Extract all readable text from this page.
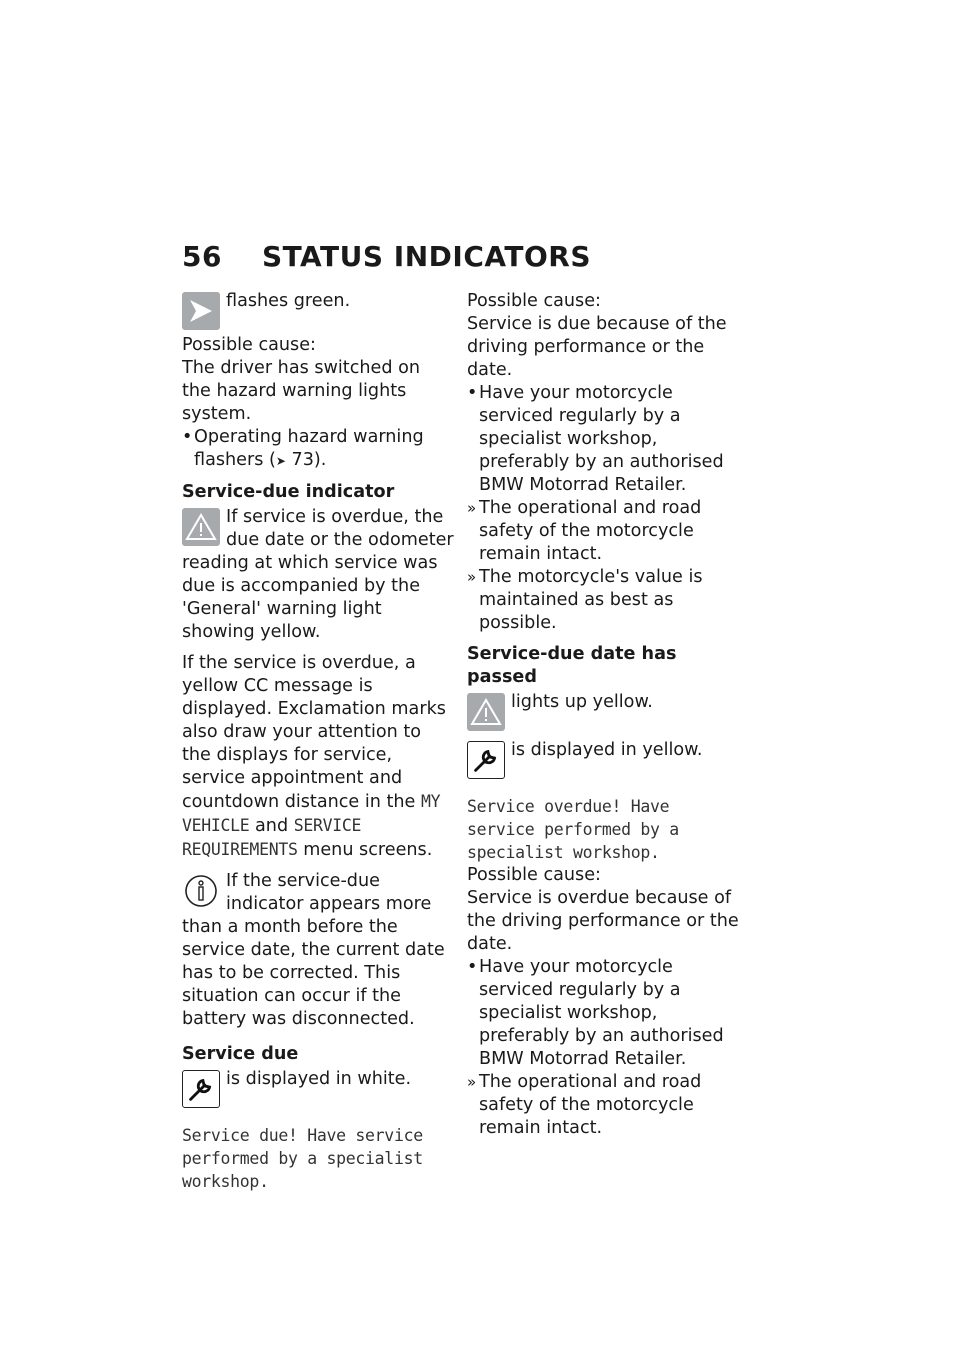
56 STATUS INDICATORS

flashes green.

Possible cause:

The driver has switched on the hazard warning lights system.

• Operating hazard warning flashers (➤ 73).

Service-due indicator

If service is overdue, the due date or the odometer reading at which service was due is accompanied by the 'General' warning light showing yellow.

If the service is overdue, a yellow CC message is displayed. Exclamation marks also draw your attention to the displays for service, service appointment and countdown distance in the MY VEHICLE and SERVICE REQUIREMENTS menu screens.

If the service-due indicator appears more than a month before the service date, the current date has to be corrected. This situation can occur if the battery was disconnected.

Service due

is displayed in white.

Service due! Have service performed by a specialist workshop.

Possible cause:

Service is due because of the driving performance or the date.

• Have your motorcycle serviced regularly by a specialist workshop, preferably by an authorised BMW Motorrad Retailer.
» The operational and road safety of the motorcycle remain intact.
» The motorcycle's value is maintained as best as possible.

Service-due date has passed

lights up yellow.

is displayed in yellow.

Service overdue! Have service performed by a specialist workshop.

Possible cause:

Service is overdue because of the driving performance or the date.

• Have your motorcycle serviced regularly by a specialist workshop, preferably by an authorised BMW Motorrad Retailer.
» The operational and road safety of the motorcycle remain intact.
